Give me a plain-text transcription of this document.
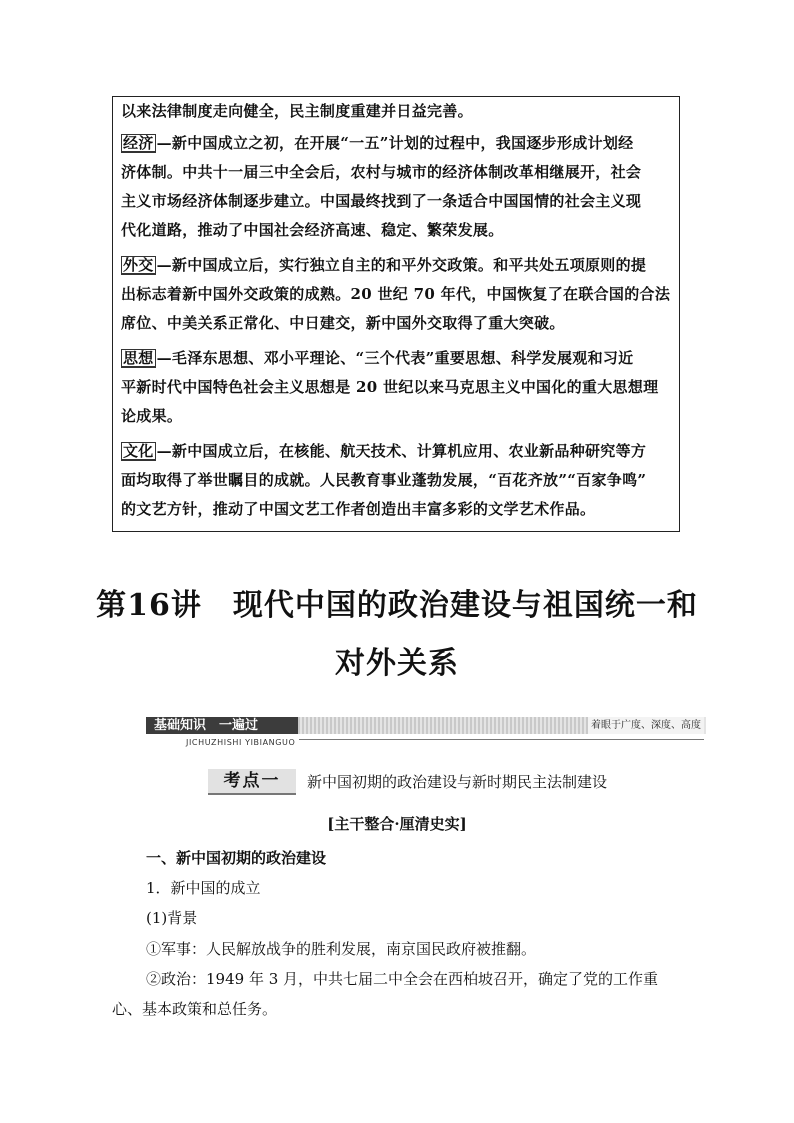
以来法律制度走向健全，民主制度重建并日益完善。
经济 —新中国成立之初，在开展“一五”计划的过程中，我国逐步形成计划经
济体制。中共十一届三中全会后，农村与城市的经济体制改革相继展开，社会
主义市场经济体制逐步建立。中国最终找到了一条适合中国国情的社会主义现
代化道路，推动了中国社会经济高速、稳定、繁荣发展。
外交 —新中国成立后，实行独立自主的和平外交政策。和平共处五项原则的提
出标志着新中国外交政策的成熟。20 世纪 70 年代，中国恢复了在联合国的合法
席位、中美关系正常化、中日建交，新中国外交取得了重大突破。
思想 —毛泽东思想、邓小平理论、“三个代表”重要思想、科学发展观和习近
平新时代中国特色社会主义思想是 20 世纪以来马克思主义中国化的重大思想理
论成果。
文化 —新中国成立后，在核能、航天技术、计算机应用、农业新品种研究等方
面均取得了举世瞩目的成就。人民教育事业蓬勃发展，“百花齐放”“百家争鸣”
的文艺方针，推动了中国文艺工作者创造出丰富多彩的文学艺术作品。
第16讲　现代中国的政治建设与祖国统一和
对外关系
基础知识　一遍过	着眼于广度、深度、高度
JICHUZHISHI YIBIANGUO
考点一	新中国初期的政治建设与新时期民主法制建设
[主干整合·厘清史实]
一、新中国初期的政治建设
1．新中国的成立
(1)背景
①军事：人民解放战争的胜利发展，南京国民政府被推翻。
②政治：1949 年 3 月，中共七届二中全会在西柏坡召开，确定了党的工作重
心、基本政策和总任务。
